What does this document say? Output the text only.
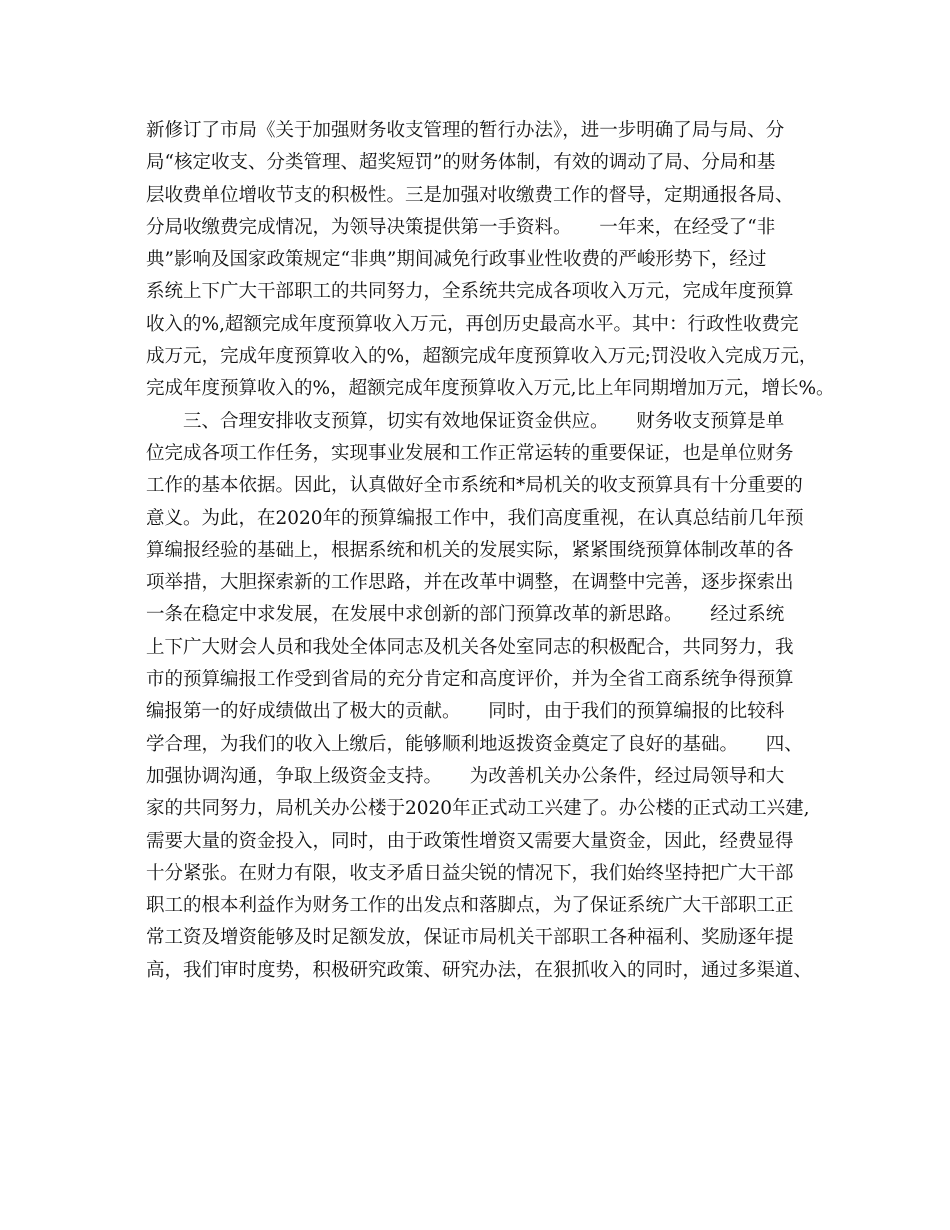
新修订了市局《关于加强财务收支管理的暂行办法》，进一步明确了局与局、分
局“核定收支、分类管理、超奖短罚”的财务体制，有效的调动了局、分局和基
层收费单位增收节支的积极性。三是加强对收缴费工作的督导，定期通报各局、
分局收缴费完成情况，为领导决策提供第一手资料。　　一年来，在经受了“非
典”影响及国家政策规定“非典”期间减免行政事业性收费的严峻形势下，经过
系统上下广大干部职工的共同努力，全系统共完成各项收入万元，完成年度预算
收入的%,超额完成年度预算收入万元，再创历史最高水平。其中：行政性收费完
成万元，完成年度预算收入的%，超额完成年度预算收入万元;罚没收入完成万元，
完成年度预算收入的%，超额完成年度预算收入万元,比上年同期增加万元，增长%。
　　三、合理安排收支预算，切实有效地保证资金供应。　　财务收支预算是单
位完成各项工作任务，实现事业发展和工作正常运转的重要保证，也是单位财务
工作的基本依据。因此，认真做好全市系统和*局机关的收支预算具有十分重要的
意义。为此，在2020年的预算编报工作中，我们高度重视，在认真总结前几年预
算编报经验的基础上，根据系统和机关的发展实际，紧紧围绕预算体制改革的各
项举措，大胆探索新的工作思路，并在改革中调整，在调整中完善，逐步探索出
一条在稳定中求发展，在发展中求创新的部门预算改革的新思路。　　经过系统
上下广大财会人员和我处全体同志及机关各处室同志的积极配合，共同努力，我
市的预算编报工作受到省局的充分肯定和高度评价，并为全省工商系统争得预算
编报第一的好成绩做出了极大的贡献。　　同时，由于我们的预算编报的比较科
学合理，为我们的收入上缴后，能够顺利地返拨资金奠定了良好的基础。　　四、
加强协调沟通，争取上级资金支持。　　为改善机关办公条件，经过局领导和大
家的共同努力，局机关办公楼于2020年正式动工兴建了。办公楼的正式动工兴建,
需要大量的资金投入，同时，由于政策性增资又需要大量资金，因此，经费显得
十分紧张。在财力有限，收支矛盾日益尖锐的情况下，我们始终坚持把广大干部
职工的根本利益作为财务工作的出发点和落脚点，为了保证系统广大干部职工正
常工资及增资能够及时足额发放，保证市局机关干部职工各种福利、奖励逐年提
高，我们审时度势，积极研究政策、研究办法，在狠抓收入的同时，通过多渠道、
